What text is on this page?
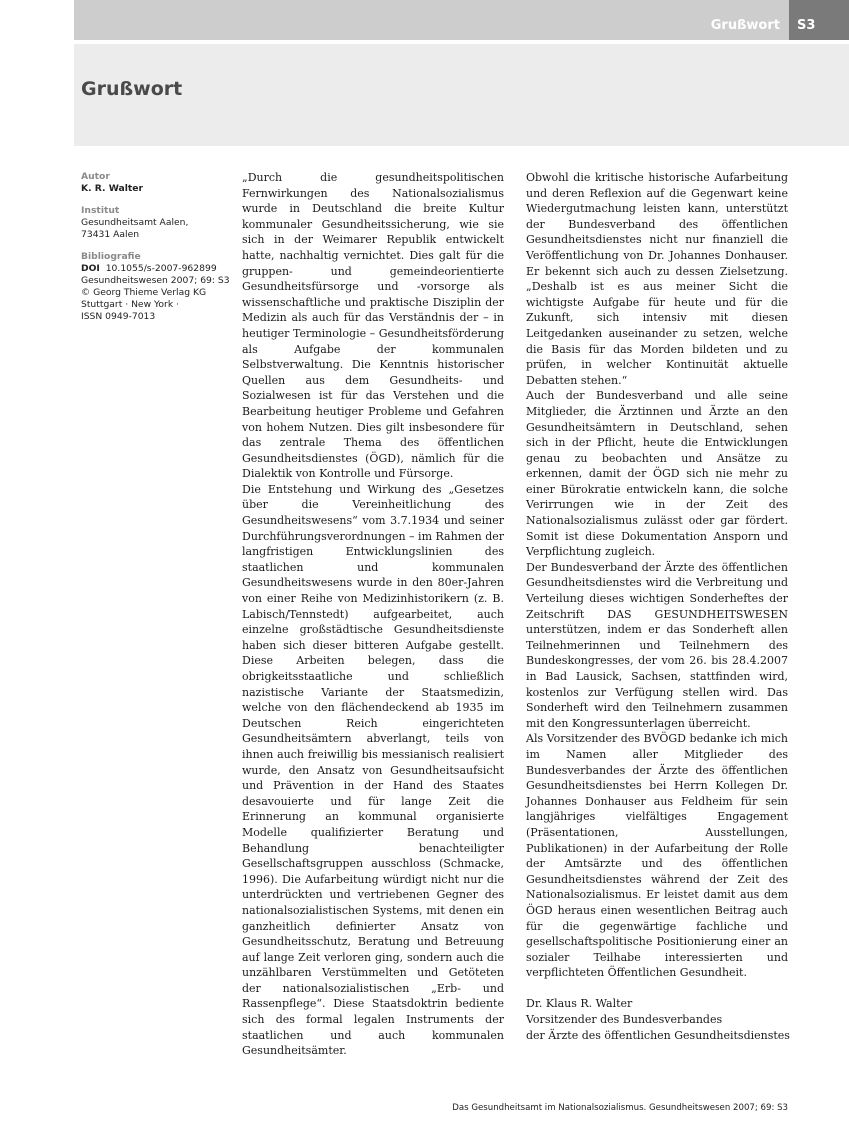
Grußwort	S3
Grußwort
Autor
K. R. Walter
Institut
Gesundheitsamt Aalen,
73431 Aalen
Bibliografie
DOI 10.1055/s-2007-962899
Gesundheitswesen 2007; 69: S3
© Georg Thieme Verlag KG
Stuttgart · New York ·
ISSN 0949-7013

„Durch die gesundheitspolitischen Fernwirkungen des Nationalsozialismus wurde in Deutschland die breite Kultur kommunaler Gesundheitssicherung, wie sie sich in der Weimarer Republik entwickelt hatte, nachhaltig vernichtet. Dies galt für die gruppen- und gemeindeorientierte Gesundheitsfürsorge und -vorsorge als wissenschaftliche und praktische Disziplin der Medizin als auch für das Verständnis der – in heutiger Terminologie – Gesundheitsförderung als Aufgabe der kommunalen Selbstverwaltung. Die Kenntnis historischer Quellen aus dem Gesundheits- und Sozialwesen ist für das Verstehen und die Bearbeitung heutiger Probleme und Gefahren von hohem Nutzen. Dies gilt insbesondere für das zentrale Thema des öffentlichen Gesundheitsdienstes (ÖGD), nämlich für die Dialektik von Kontrolle und Fürsorge.

Die Entstehung und Wirkung des „Gesetzes über die Vereinheitlichung des Gesundheitswesens“ vom 3.7.1934 und seiner Durchführungsverordnungen – im Rahmen der langfristigen Entwicklungslinien des staatlichen und kommunalen Gesundheitswesens wurde in den 80er-Jahren von einer Reihe von Medizinhistorikern (z. B. Labisch/Tennstedt) aufgearbeitet, auch einzelne großstädtische Gesundheitsdienste haben sich dieser bitteren Aufgabe gestellt. Diese Arbeiten belegen, dass die obrigkeitsstaatliche und schließlich nazistische Variante der Staatsmedizin, welche von den flächendeckend ab 1935 im Deutschen Reich eingerichteten Gesundheitsämtern abverlangt, teils von ihnen auch freiwillig bis messianisch realisiert wurde, den Ansatz von Gesundheitsaufsicht und Prävention in der Hand des Staates desavouierte und für lange Zeit die Erinnerung an kommunal organisierte Modelle qualifizierter Beratung und Behandlung benachteiligter Gesellschaftsgruppen ausschloss (Schmacke, 1996). Die Aufarbeitung würdigt nicht nur die unterdrückten und vertriebenen Gegner des nationalsozialistischen Systems, mit denen ein ganzheitlich definierter Ansatz von Gesundheitsschutz, Beratung und Betreuung auf lange Zeit verloren ging, sondern auch die unzählbaren Verstümmelten und Getöteten der nationalsozialistischen „Erb- und Rassenpflege“. Diese Staatsdoktrin bediente sich des formal legalen Instruments der staatlichen und auch kommunalen Gesundheitsämter.

Obwohl die kritische historische Aufarbeitung und deren Reflexion auf die Gegenwart keine Wiedergutmachung leisten kann, unterstützt der Bundesverband des öffentlichen Gesundheitsdienstes nicht nur finanziell die Veröffentlichung von Dr. Johannes Donhauser. Er bekennt sich auch zu dessen Zielsetzung. „Deshalb ist es aus meiner Sicht die wichtigste Aufgabe für heute und für die Zukunft, sich intensiv mit diesen Leitgedanken auseinander zu setzen, welche die Basis für das Morden bildeten und zu prüfen, in welcher Kontinuität aktuelle Debatten stehen.“

Auch der Bundesverband und alle seine Mitglieder, die Ärztinnen und Ärzte an den Gesundheitsämtern in Deutschland, sehen sich in der Pflicht, heute die Entwicklungen genau zu beobachten und Ansätze zu erkennen, damit der ÖGD sich nie mehr zu einer Bürokratie entwickeln kann, die solche Verirrungen wie in der Zeit des Nationalsozialismus zulässt oder gar fördert. Somit ist diese Dokumentation Ansporn und Verpflichtung zugleich.

Der Bundesverband der Ärzte des öffentlichen Gesundheitsdienstes wird die Verbreitung und Verteilung dieses wichtigen Sonderheftes der Zeitschrift DAS GESUNDHEITSWESEN unterstützen, indem er das Sonderheft allen Teilnehmerinnen und Teilnehmern des Bundeskongresses, der vom 26. bis 28.4.2007 in Bad Lausick, Sachsen, stattfinden wird, kostenlos zur Verfügung stellen wird. Das Sonderheft wird den Teilnehmern zusammen mit den Kongressunterlagen überreicht.

Als Vorsitzender des BVÖGD bedanke ich mich im Namen aller Mitglieder des Bundesverbandes der Ärzte des öffentlichen Gesundheitsdienstes bei Herrn Kollegen Dr. Johannes Donhauser aus Feldheim für sein langjähriges vielfältiges Engagement (Präsentationen, Ausstellungen, Publikationen) in der Aufarbeitung der Rolle der Amtsärzte und des öffentlichen Gesundheitsdienstes während der Zeit des Nationalsozialismus. Er leistet damit aus dem ÖGD heraus einen wesentlichen Beitrag auch für die gegenwärtige fachliche und gesellschaftspolitische Positionierung einer an sozialer Teilhabe interessierten und verpflichteten Öffentlichen Gesundheit.

Dr. Klaus R. Walter
Vorsitzender des Bundesverbandes
der Ärzte des öffentlichen Gesundheitsdienstes

Das Gesundheitsamt im Nationalsozialismus. Gesundheitswesen 2007; 69: S3
